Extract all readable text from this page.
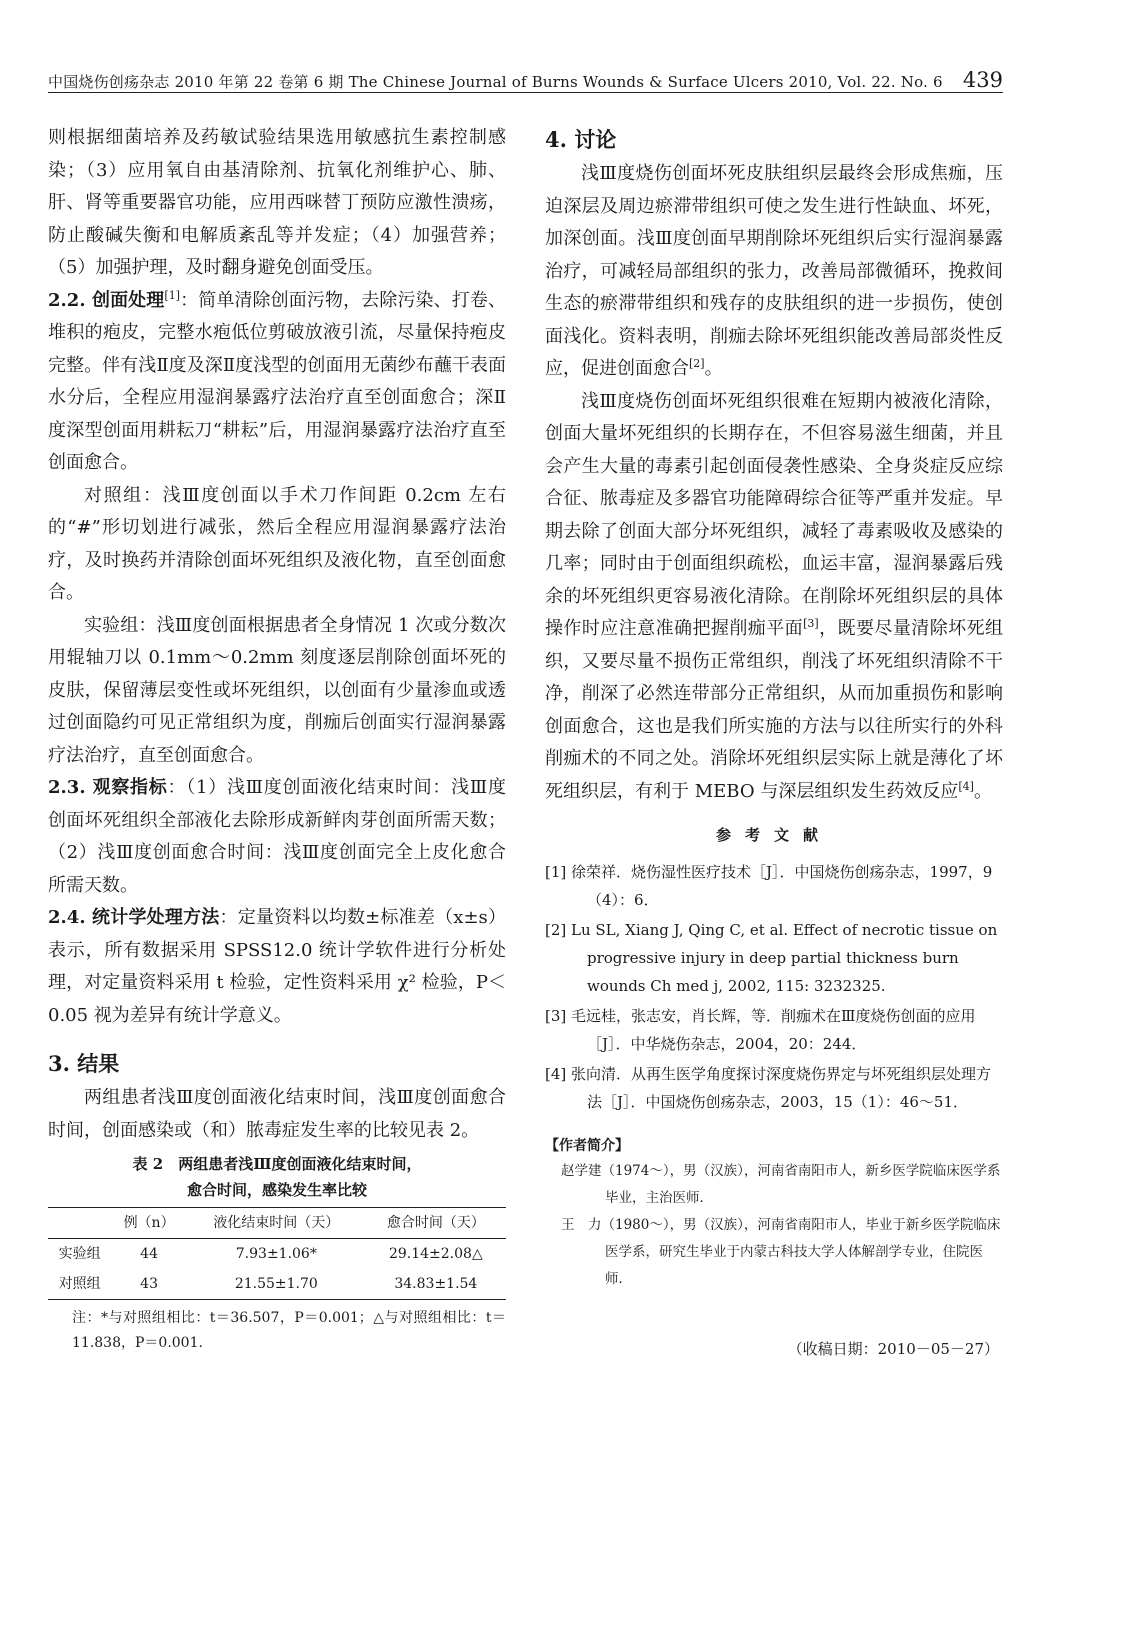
中国烧伤创疡杂志 2010 年第 22 卷第 6 期 The Chinese Journal of Burns Wounds & Surface Ulcers 2010, Vol. 22. No. 6 439

则根据细菌培养及药敏试验结果选用敏感抗生素控制感染；（3）应用氧自由基清除剂、抗氧化剂维护心、肺、肝、肾等重要器官功能，应用西咪替丁预防应激性溃疡，防止酸碱失衡和电解质紊乱等并发症；（4）加强营养；（5）加强护理，及时翻身避免创面受压。

2.2. 创面处理[1]：简单清除创面污物，去除污染、打卷、堆积的疱皮，完整水疱低位剪破放液引流，尽量保持疱皮完整。伴有浅Ⅱ度及深Ⅱ度浅型的创面用无菌纱布蘸干表面水分后，全程应用湿润暴露疗法治疗直至创面愈合；深Ⅱ度深型创面用耕耘刀“耕耘”后，用湿润暴露疗法治疗直至创面愈合。

对照组：浅Ⅲ度创面以手术刀作间距 0.2cm 左右的“#”形切划进行减张，然后全程应用湿润暴露疗法治疗，及时换药并清除创面坏死组织及液化物，直至创面愈合。

实验组：浅Ⅲ度创面根据患者全身情况 1 次或分数次用辊轴刀以 0.1mm～0.2mm 刻度逐层削除创面坏死的皮肤，保留薄层变性或坏死组织，以创面有少量渗血或透过创面隐约可见正常组织为度，削痂后创面实行湿润暴露疗法治疗，直至创面愈合。

2.3. 观察指标：（1）浅Ⅲ度创面液化结束时间：浅Ⅲ度创面坏死组织全部液化去除形成新鲜肉芽创面所需天数；（2）浅Ⅲ度创面愈合时间：浅Ⅲ度创面完全上皮化愈合所需天数。

2.4. 统计学处理方法：定量资料以均数±标准差（x±s）表示，所有数据采用 SPSS12.0 统计学软件进行分析处理，对定量资料采用 t 检验，定性资料采用 χ² 检验，P＜0.05 视为差异有统计学意义。

3. 结果

两组患者浅Ⅲ度创面液化结束时间，浅Ⅲ度创面愈合时间，创面感染或（和）脓毒症发生率的比较见表 2。

表 2　两组患者浅Ⅲ度创面液化结束时间，
愈合时间，感染发生率比较
	例（n）	液化结束时间（天）	愈合时间（天）
实验组	44	7.93±1.06*	29.14±2.08△
对照组	43	21.55±1.70	34.83±1.54

注：*与对照组相比：t＝36.507，P＝0.001；△与对照组相比：t＝11.838，P＝0.001.

4. 讨论

浅Ⅲ度烧伤创面坏死皮肤组织层最终会形成焦痂，压迫深层及周边瘀滞带组织可使之发生进行性缺血、坏死，加深创面。浅Ⅲ度创面早期削除坏死组织后实行湿润暴露治疗，可减轻局部组织的张力，改善局部微循环，挽救间生态的瘀滞带组织和残存的皮肤组织的进一步损伤，使创面浅化。资料表明，削痂去除坏死组织能改善局部炎性反应，促进创面愈合[2]。

浅Ⅲ度烧伤创面坏死组织很难在短期内被液化清除，创面大量坏死组织的长期存在，不但容易滋生细菌，并且会产生大量的毒素引起创面侵袭性感染、全身炎症反应综合征、脓毒症及多器官功能障碍综合征等严重并发症。早期去除了创面大部分坏死组织，减轻了毒素吸收及感染的几率；同时由于创面组织疏松，血运丰富，湿润暴露后残余的坏死组织更容易液化清除。在削除坏死组织层的具体操作时应注意准确把握削痂平面[3]，既要尽量清除坏死组织，又要尽量不损伤正常组织，削浅了坏死组织清除不干净，削深了必然连带部分正常组织，从而加重损伤和影响创面愈合，这也是我们所实施的方法与以往所实行的外科削痂术的不同之处。消除坏死组织层实际上就是薄化了坏死组织层，有利于 MEBO 与深层组织发生药效反应[4]。

参考文献

[1] 徐荣祥．烧伤湿性医疗技术［J］．中国烧伤创疡杂志，1997，9（4）：6．

[2] Lu SL, Xiang J, Qing C, et al. Effect of necrotic tissue on progressive injury in deep partial thickness burn wounds Ch med j, 2002, 115: 3232325.

[3] 毛远桂，张志安，肖长辉，等．削痂术在Ⅲ度烧伤创面的应用［J］．中华烧伤杂志，2004，20：244．

[4] 张向清．从再生医学角度探讨深度烧伤界定与坏死组织层处理方法［J］．中国烧伤创疡杂志，2003，15（1）：46～51．

【作者简介】

赵学建（1974～），男（汉族），河南省南阳市人，新乡医学院临床医学系毕业，主治医师．

王　力（1980～），男（汉族），河南省南阳市人，毕业于新乡医学院临床医学系，研究生毕业于内蒙古科技大学人体解剖学专业，住院医师．

（收稿日期：2010－05－27）
